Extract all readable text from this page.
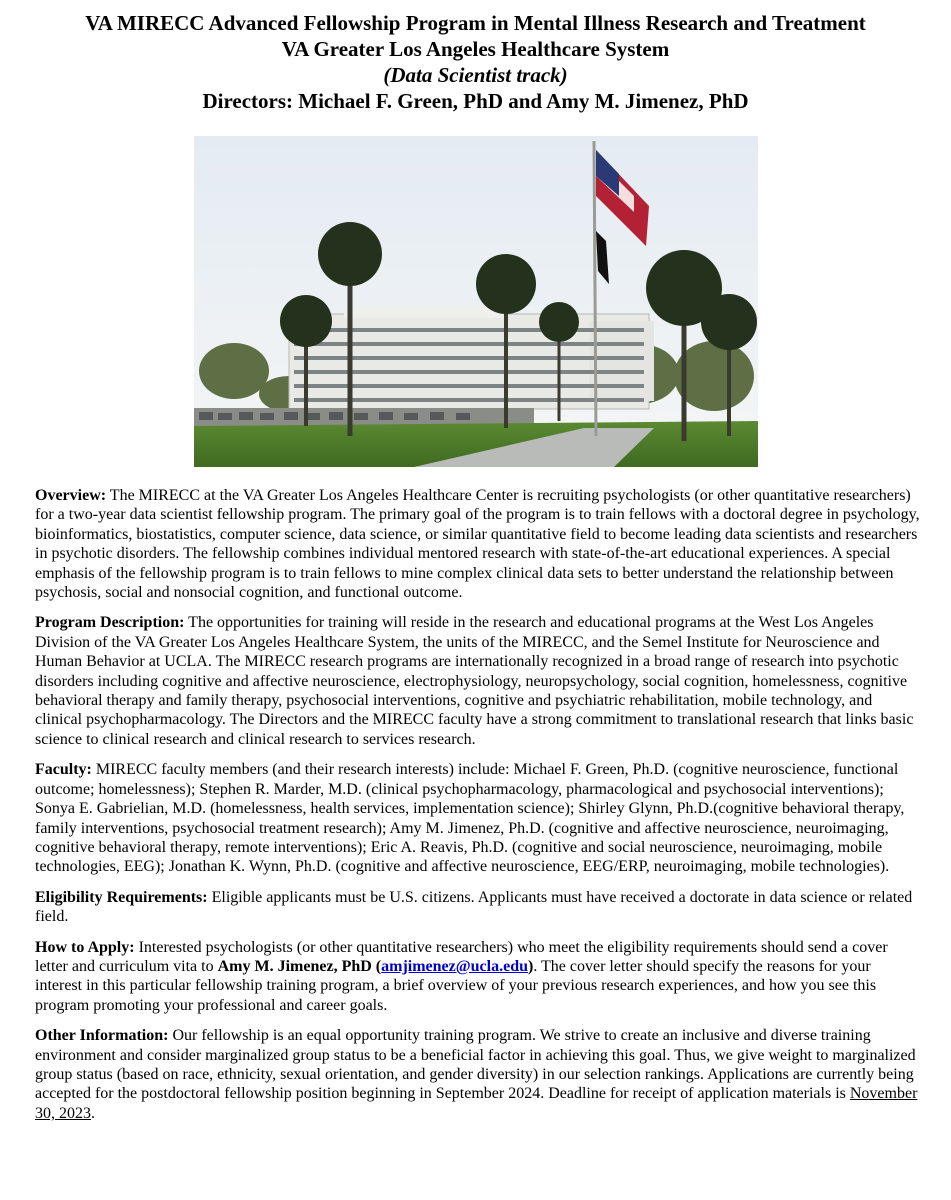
VA MIRECC Advanced Fellowship Program in Mental Illness Research and Treatment
VA Greater Los Angeles Healthcare System
(Data Scientist track)
Directors: Michael F. Green, PhD and Amy M. Jimenez, PhD

Overview: The MIRECC at the VA Greater Los Angeles Healthcare Center is recruiting psychologists (or other quantitative researchers) for a two-year data scientist fellowship program. The primary goal of the program is to train fellows with a doctoral degree in psychology, bioinformatics, biostatistics, computer science, data science, or similar quantitative field to become leading data scientists and researchers in psychotic disorders. The fellowship combines individual mentored research with state-of-the-art educational experiences. A special emphasis of the fellowship program is to train fellows to mine complex clinical data sets to better understand the relationship between psychosis, social and nonsocial cognition, and functional outcome.

Program Description: The opportunities for training will reside in the research and educational programs at the West Los Angeles Division of the VA Greater Los Angeles Healthcare System, the units of the MIRECC, and the Semel Institute for Neuroscience and Human Behavior at UCLA. The MIRECC research programs are internationally recognized in a broad range of research into psychotic disorders including cognitive and affective neuroscience, electrophysiology, neuropsychology, social cognition, homelessness, cognitive behavioral therapy and family therapy, psychosocial interventions, cognitive and psychiatric rehabilitation, mobile technology, and clinical psychopharmacology. The Directors and the MIRECC faculty have a strong commitment to translational research that links basic science to clinical research and clinical research to services research.

Faculty: MIRECC faculty members (and their research interests) include: Michael F. Green, Ph.D. (cognitive neuroscience, functional outcome; homelessness); Stephen R. Marder, M.D. (clinical psychopharmacology, pharmacological and psychosocial interventions); Sonya E. Gabrielian, M.D. (homelessness, health services, implementation science); Shirley Glynn, Ph.D.(cognitive behavioral therapy, family interventions, psychosocial treatment research); Amy M. Jimenez, Ph.D. (cognitive and affective neuroscience, neuroimaging, cognitive behavioral therapy, remote interventions); Eric A. Reavis, Ph.D. (cognitive and social neuroscience, neuroimaging, mobile technologies, EEG); Jonathan K. Wynn, Ph.D. (cognitive and affective neuroscience, EEG/ERP, neuroimaging, mobile technologies).

Eligibility Requirements: Eligible applicants must be U.S. citizens. Applicants must have received a doctorate in data science or related field.

How to Apply: Interested psychologists (or other quantitative researchers) who meet the eligibility requirements should send a cover letter and curriculum vita to Amy M. Jimenez, PhD (amjimenez@ucla.edu). The cover letter should specify the reasons for your interest in this particular fellowship training program, a brief overview of your previous research experiences, and how you see this program promoting your professional and career goals.

Other Information: Our fellowship is an equal opportunity training program. We strive to create an inclusive and diverse training environment and consider marginalized group status to be a beneficial factor in achieving this goal. Thus, we give weight to marginalized group status (based on race, ethnicity, sexual orientation, and gender diversity) in our selection rankings. Applications are currently being accepted for the postdoctoral fellowship position beginning in September 2024. Deadline for receipt of application materials is November 30, 2023.
